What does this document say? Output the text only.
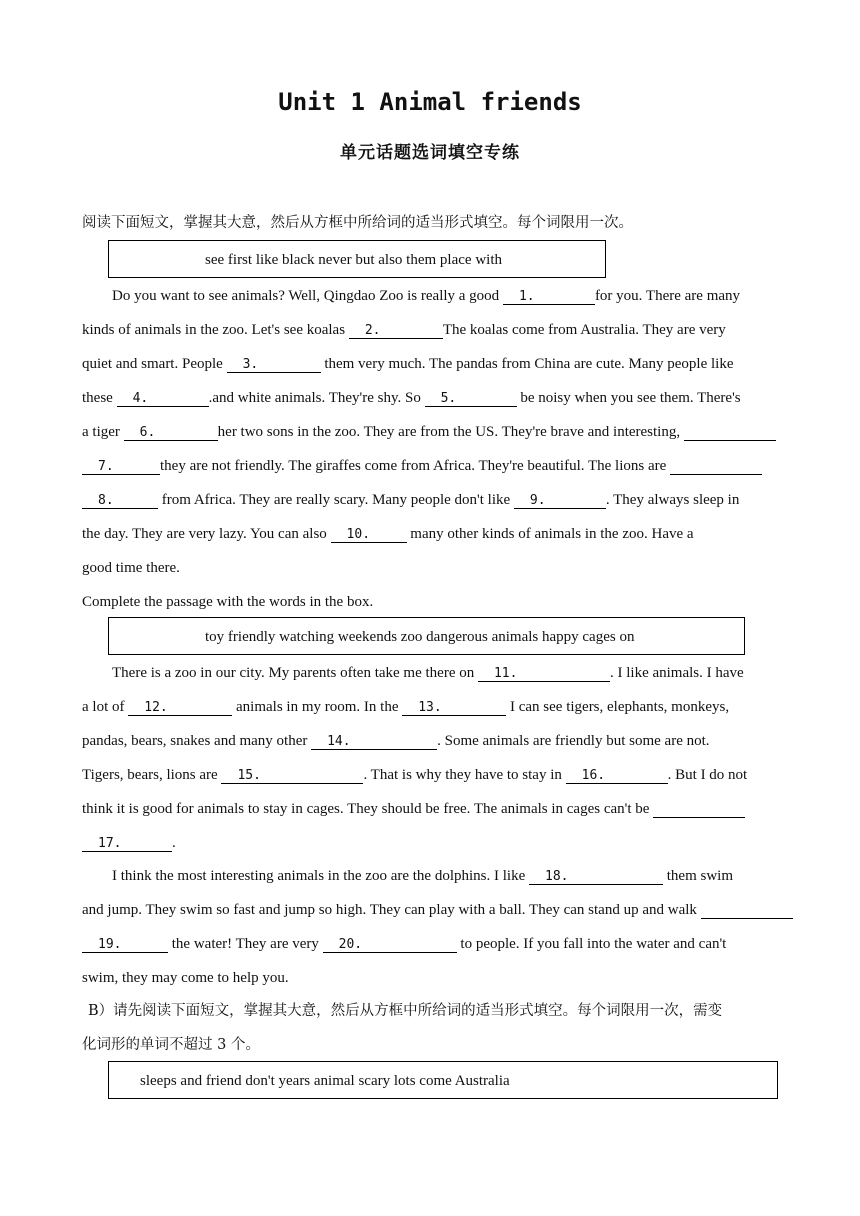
Unit 1 Animal friends
单元话题选词填空专练
阅读下面短文，掌握其大意，然后从方框中所给词的适当形式填空。每个词限用一次。
see first like black never but also them place with
Do you want to see animals? Well, Qingdao Zoo is really a good 1.	for you. There are many
kinds of animals in the zoo. Let's see koalas 2.	The koalas come from Australia. They are very
quiet and smart. People 3.	them very much. The pandas from China are cute. Many people like
these 4.	.and white animals. They're shy. So 5.	be noisy when you see them. There's
a tiger 6.	her two sons in the zoo. They are from the US. They're brave and interesting,
7.	they are not friendly. The giraffes come from Africa. They're beautiful. The lions are
8.	from Africa. They are really scary. Many people don't like 9.	. They always sleep in
the day. They are very lazy. You can also 10. many other kinds of animals in the zoo. Have a
good time there.
Complete the passage with the words in the box.
toy friendly watching weekends zoo dangerous animals happy cages on
There is a zoo in our city. My parents often take me there on 11.	. I like animals. I have
a lot of 12.	animals in my room. In the 13.	I can see tigers, elephants, monkeys,
pandas, bears, snakes and many other 14.	. Some animals are friendly but some are not.
Tigers, bears, lions are 15.	. That is why they have to stay in 16.	. But I do not
think it is good for animals to stay in cages. They should be free. The animals in cages can't be
17.	.
I think the most interesting animals in the zoo are the dolphins. I like 18.	them swim
and jump. They swim so fast and jump so high. They can play with a ball. They can stand up and walk
19.	the water! They are very 20.	to people. If you fall into the water and can't
swim, they may come to help you.
B）请先阅读下面短文，掌握其大意，然后从方框中所给词的适当形式填空。每个词限用一次，需变
化词形的单词不超过 3 个。
sleeps and friend don't years animal scary lots come Australia
